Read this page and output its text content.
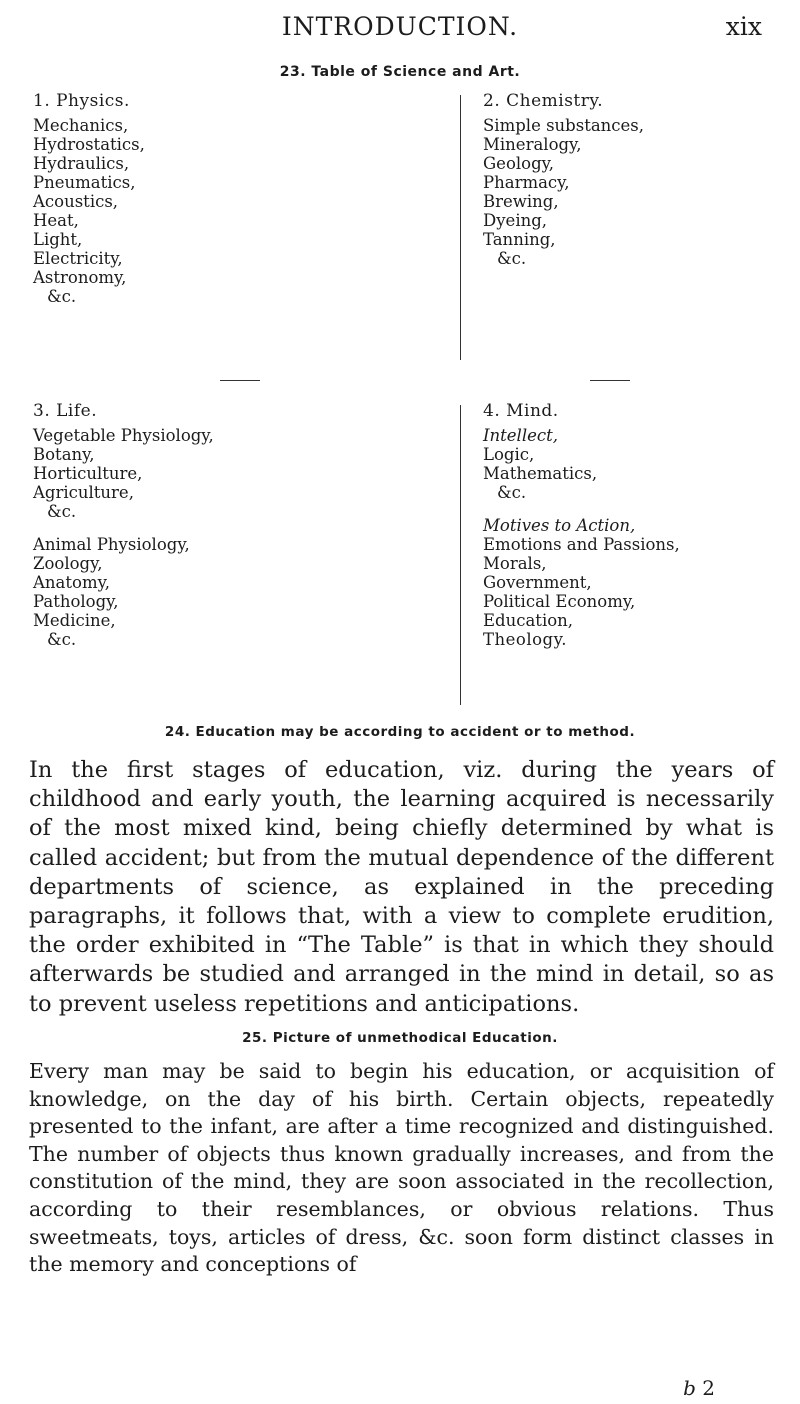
INTRODUCTION.	xix
23. Table of Science and Art.
1. Physics.
Mechanics,
Hydrostatics,
Hydraulics,
Pneumatics,
Acoustics,
Heat,
Light,
Electricity,
Astronomy,
&c.
2. Chemistry.
Simple substances,
Mineralogy,
Geology,
Pharmacy,
Brewing,
Dyeing,
Tanning,
&c.
3. Life.
Vegetable Physiology,
Botany,
Horticulture,
Agriculture,
&c.
Animal Physiology,
Zoology,
Anatomy,
Pathology,
Medicine,
&c.
4. Mind.
Intellect,
Logic,
Mathematics,
&c.
Motives to Action,
Emotions and Passions,
Morals,
Government,
Political Economy,
Education,
Theology.
24. Education may be according to accident or to method.
In the first stages of education, viz. during the years of childhood and early youth, the learning acquired is necessarily of the most mixed kind, being chiefly determined by what is called accident; but from the mutual dependence of the different departments of science, as explained in the preceding paragraphs, it follows that, with a view to complete erudition, the order exhibited in “The Table” is that in which they should afterwards be studied and arranged in the mind in detail, so as to prevent useless repetitions and anticipations.
25. Picture of unmethodical Education.
Every man may be said to begin his education, or acquisition of knowledge, on the day of his birth. Certain objects, repeatedly presented to the infant, are after a time recognized and distinguished. The number of objects thus known gradually increases, and from the constitution of the mind, they are soon associated in the recollection, according to their resemblances, or obvious relations. Thus sweetmeats, toys, articles of dress, &c. soon form distinct classes in the memory and conceptions of
b 2
